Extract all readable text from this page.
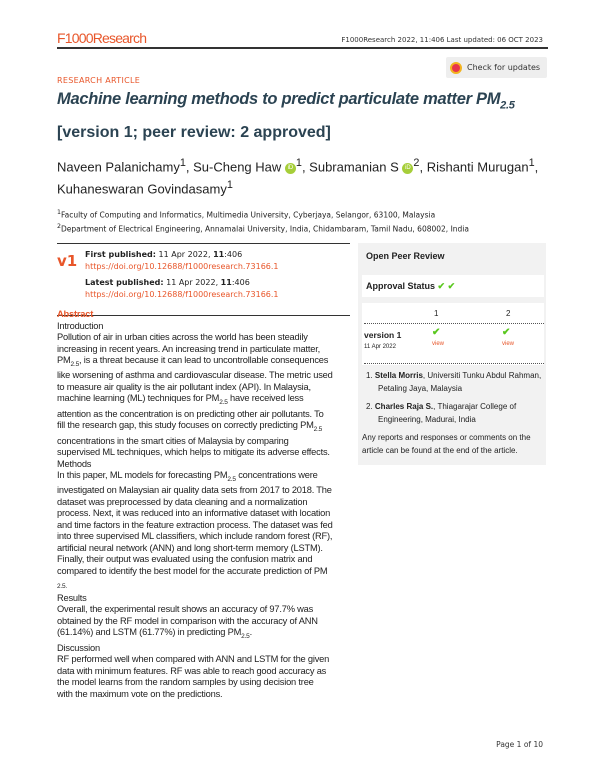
F1000Research	F1000Research 2022, 11:406 Last updated: 06 OCT 2023
Check for updates
RESEARCH ARTICLE
Machine learning methods to predict particulate matter $PM_{2.5}$
[version 1; peer review: 2 approved]
Naveen Palanichamy$^1$, Su-Cheng Haw iD $^1$, Subramanian S iD $^2$, Rishanti Murugan$^1$,
Kuhaneswaran Govindasamy$^1$
$^1$Faculty of Computing and Informatics, Multimedia University, Cyberjaya, Selangor, 63100, Malaysia
$^2$Department of Electrical Engineering, Annamalai University, India, Chidambaram, Tamil Nadu, 608002, India
v1 First published: 11 Apr 2022, 11:406
https://doi.org/10.12688/f1000research.73166.1
Latest published: 11 Apr 2022, 11:406
https://doi.org/10.12688/f1000research.73166.1
Open Peer Review
Approval Status ✔ ✔
1	2
version 1
11 Apr 2022
✔	✔
view	view
1. Stella Morris, Universiti Tunku Abdul Rahman, Petaling Jaya, Malaysia
2. Charles Raja S., Thiagarajar College of Engineering, Madurai, India
Any reports and responses or comments on the article can be found at the end of the article.
Abstract
Introduction
Pollution of air in urban cities across the world has been steadily
increasing in recent years. An increasing trend in particulate matter,
$PM_{2.5}$, is a threat because it can lead to uncontrollable consequences
like worsening of asthma and cardiovascular disease. The metric used
to measure air quality is the air pollutant index (API). In Malaysia,
machine learning (ML) techniques for $PM_{2.5}$ have received less
attention as the concentration is on predicting other air pollutants. To
fill the research gap, this study focuses on correctly predicting $PM_{2.5}$
concentrations in the smart cities of Malaysia by comparing
supervised ML techniques, which helps to mitigate its adverse effects.
Methods
In this paper, ML models for forecasting $PM_{2.5}$ concentrations were
investigated on Malaysian air quality data sets from 2017 to 2018. The
dataset was preprocessed by data cleaning and a normalization
process. Next, it was reduced into an informative dataset with location
and time factors in the feature extraction process. The dataset was fed
into three supervised ML classifiers, which include random forest (RF),
artificial neural network (ANN) and long short-term memory (LSTM).
Finally, their output was evaluated using the confusion matrix and
compared to identify the best model for the accurate prediction of PM
$_{2.5.}$
Results
Overall, the experimental result shows an accuracy of 97.7% was
obtained by the RF model in comparison with the accuracy of ANN
(61.14%) and LSTM (61.77%) in predicting $PM_{2.5}$.
Discussion
RF performed well when compared with ANN and LSTM for the given
data with minimum features. RF was able to reach good accuracy as
the model learns from the random samples by using decision tree
with the maximum vote on the predictions.
Page 1 of 10
